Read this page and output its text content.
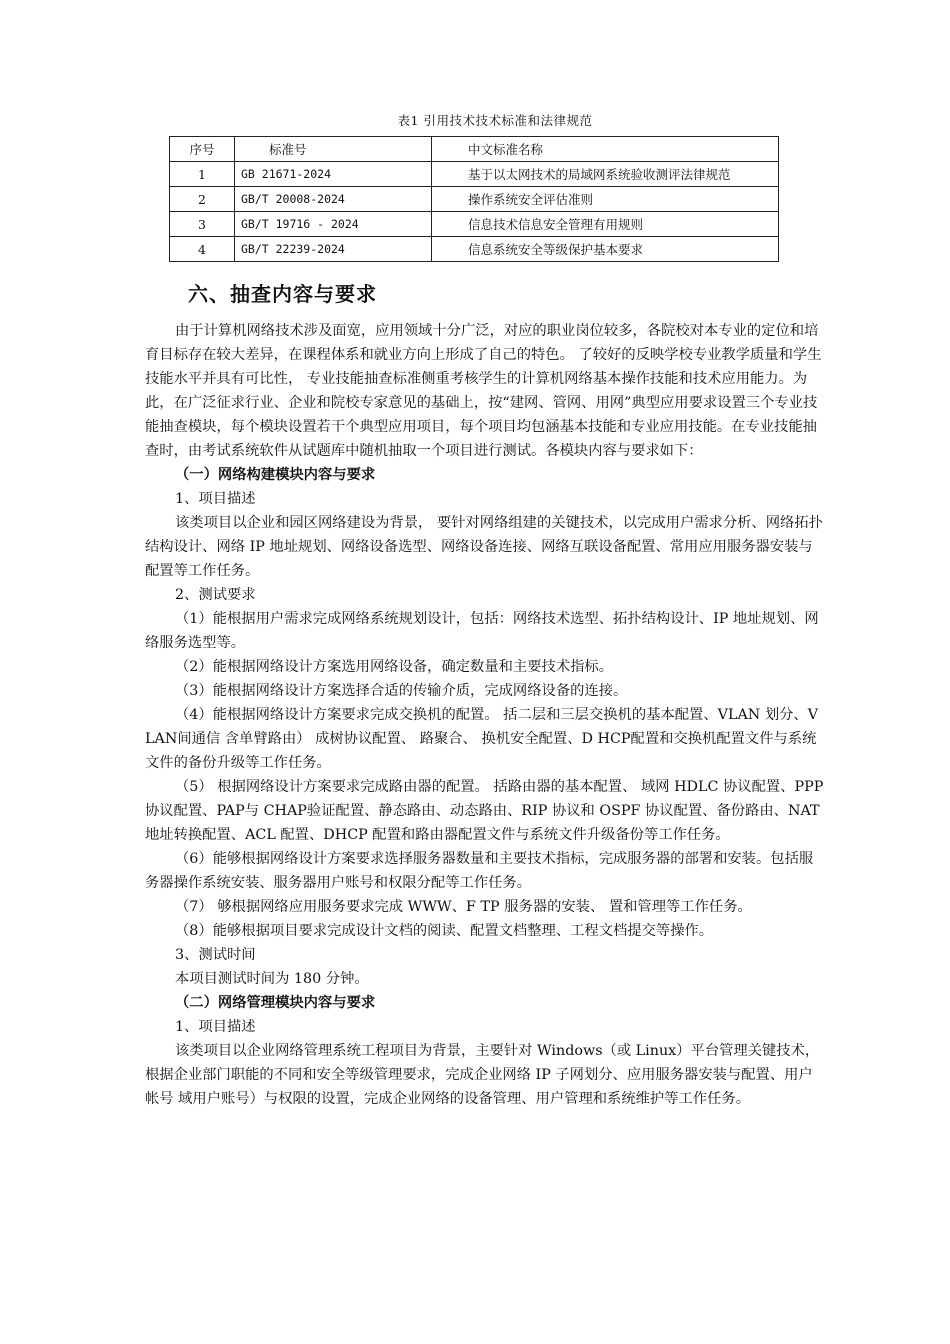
表1 引用技术技术标准和法律规范
序号	标准号	中文标准名称
1	GB 21671-2024	基于以太网技术的局域网系统验收测评法律规范
2	GB/T 20008-2024	操作系统安全评估准则
3	GB/T 19716 - 2024	信息技术信息安全管理有用规则
4	GB/T 22239-2024	信息系统安全等级保护基本要求
六、抽查内容与要求

由于计算机网络技术涉及面宽，应用领域十分广泛，对应的职业岗位较多，各院校对本专业的定位和培育目标存在较大差异，在课程体系和就业方向上形成了自己的特色。 了较好的反映学校专业教学质量和学生技能水平并具有可比性， 专业技能抽查标准侧重考核学生的计算机网络基本操作技能和技术应用能力。为此，在广泛征求行业、企业和院校专家意见的基础上，按“建网、管网、用网”典型应用要求设置三个专业技能抽查模块，每个模块设置若干个典型应用项目，每个项目均包涵基本技能和专业应用技能。在专业技能抽查时，由考试系统软件从试题库中随机抽取一个项目进行测试。各模块内容与要求如下：

（一）网络构建模块内容与要求

1、项目描述

该类项目以企业和园区网络建设为背景， 要针对网络组建的关键技术，以完成用户需求分析、网络拓扑结构设计、网络 IP 地址规划、网络设备选型、网络设备连接、网络互联设备配置、常用应用服务器安装与配置等工作任务。

2、测试要求

（1）能根据用户需求完成网络系统规划设计，包括：网络技术选型、拓扑结构设计、IP 地址规划、网络服务选型等。

（2）能根据网络设计方案选用网络设备，确定数量和主要技术指标。

（3）能根据网络设计方案选择合适的传输介质，完成网络设备的连接。

（4）能根据网络设计方案要求完成交换机的配置。 括二层和三层交换机的基本配置、VLAN 划分、V LAN间通信 含单臂路由） 成树协议配置、 路聚合、 换机安全配置、D HCP配置和交换机配置文件与系统文件的备份升级等工作任务。

（5） 根据网络设计方案要求完成路由器的配置。 括路由器的基本配置、 域网 HDLC 协议配置、PPP 协议配置、PAP与 CHAP验证配置、静态路由、动态路由、RIP 协议和 OSPF 协议配置、备份路由、NAT地址转换配置、ACL 配置、DHCP 配置和路由器配置文件与系统文件升级备份等工作任务。

（6）能够根据网络设计方案要求选择服务器数量和主要技术指标，完成服务器的部署和安装。包括服务器操作系统安装、服务器用户账号和权限分配等工作任务。

（7） 够根据网络应用服务要求完成 WWW、F TP 服务器的安装、 置和管理等工作任务。

（8）能够根据项目要求完成设计文档的阅读、配置文档整理、工程文档提交等操作。

3、测试时间

本项目测试时间为 180 分钟。

（二）网络管理模块内容与要求

1、项目描述

该类项目以企业网络管理系统工程项目为背景，主要针对 Windows（或 Linux）平台管理关键技术，根据企业部门职能的不同和安全等级管理要求，完成企业网络 IP 子网划分、应用服务器安装与配置、用户帐号 域用户账号）与权限的设置，完成企业网络的设备管理、用户管理和系统维护等工作任务。
